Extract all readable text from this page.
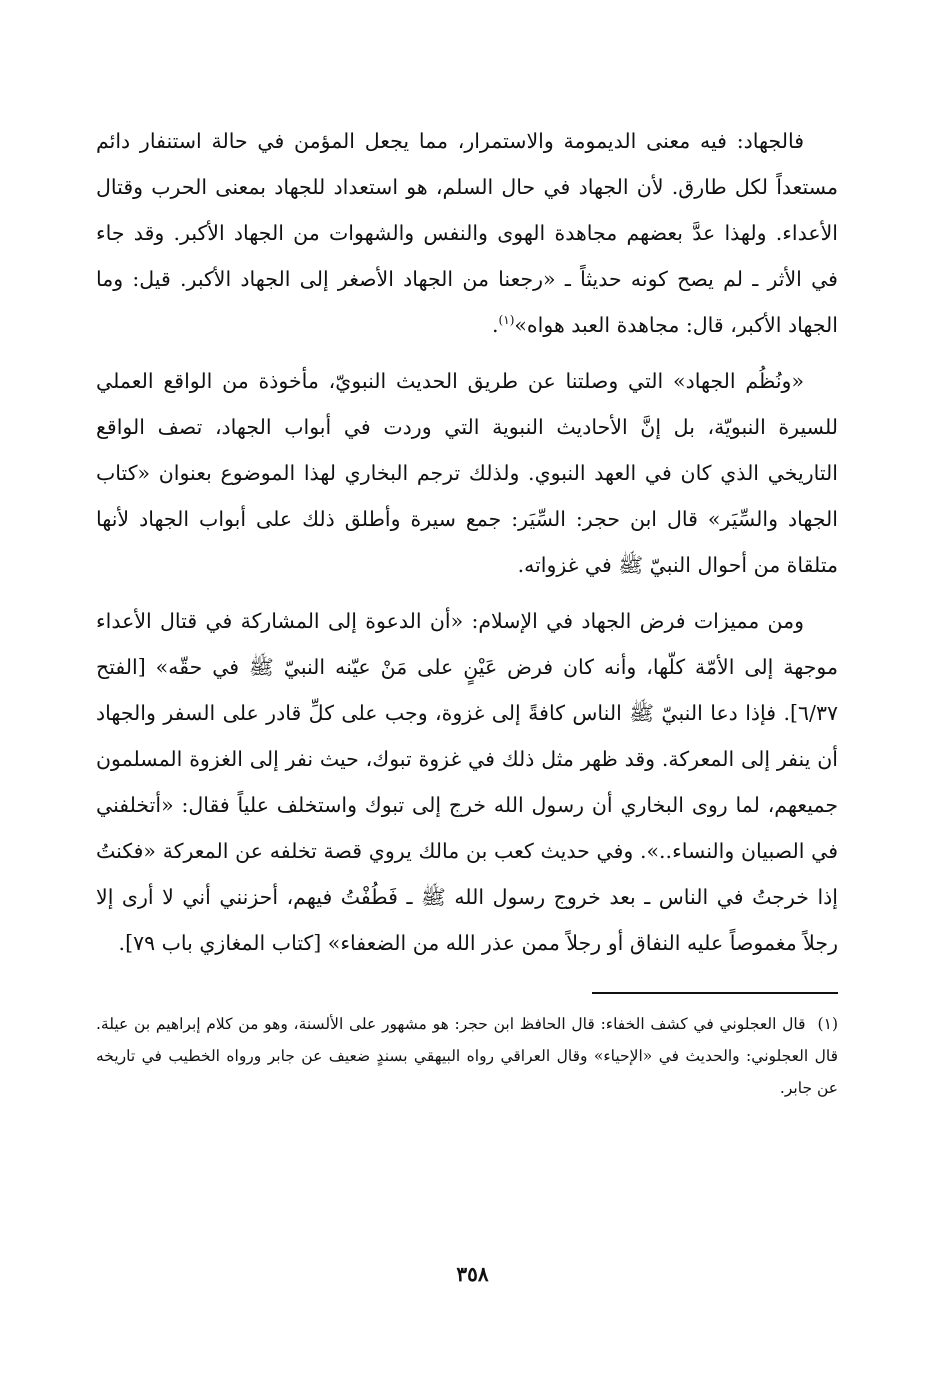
فالجهاد: فيه معنى الديمومة والاستمرار، مما يجعل المؤمن في حالة استنفار دائم مستعداً لكل طارق. لأن الجهاد في حال السلم، هو استعداد للجهاد بمعنى الحرب وقتال الأعداء. ولهذا عدَّ بعضهم مجاهدة الهوى والنفس والشهوات من الجهاد الأكبر. وقد جاء في الأثر ـ لم يصح كونه حديثاً ـ «رجعنا من الجهاد الأصغر إلى الجهاد الأكبر. قيل: وما الجهاد الأكبر، قال: مجاهدة العبد هواه»$^{(١)}$.

«ونُظُم الجهاد» التي وصلتنا عن طريق الحديث النبويّ، مأخوذة من الواقع العملي للسيرة النبويّة، بل إنَّ الأحاديث النبوية التي وردت في أبواب الجهاد، تصف الواقع التاريخي الذي كان في العهد النبوي. ولذلك ترجم البخاري لهذا الموضوع بعنوان «كتاب الجهاد والسِّيَر» قال ابن حجر: السِّيَر: جمع سيرة وأطلق ذلك على أبواب الجهاد لأنها متلقاة من أحوال النبيّ ﷺ في غزواته.

ومن مميزات فرض الجهاد في الإسلام: «أن الدعوة إلى المشاركة في قتال الأعداء موجهة إلى الأمّة كلّها، وأنه كان فرض عَيْنٍ على مَنْ عيّنه النبيّ ﷺ في حقّه» [الفتح ٦/٣٧]. فإذا دعا النبيّ ﷺ الناس كافةً إلى غزوة، وجب على كلِّ قادر على السفر والجهاد أن ينفر إلى المعركة. وقد ظهر مثل ذلك في غزوة تبوك، حيث نفر إلى الغزوة المسلمون جميعهم، لما روى البخاري أن رسول الله خرج إلى تبوك واستخلف علياً فقال: «أتخلفني في الصبيان والنساء..». وفي حديث كعب بن مالك يروي قصة تخلفه عن المعركة «فكنتُ إذا خرجتُ في الناس ـ بعد خروج رسول الله ﷺ ـ فَطُفْتُ فيهم، أحزنني أني لا أرى إلا رجلاً مغموصاً عليه النفاق أو رجلاً ممن عذر الله من الضعفاء» [كتاب المغازي باب ٧٩].

(١)قال العجلوني في كشف الخفاء: قال الحافظ ابن حجر: هو مشهور على الألسنة، وهو من كلام إبراهيم بن عيلة. قال العجلوني: والحديث في «الإحياء» وقال العراقي رواه البيهقي بسندٍ ضعيف عن جابر ورواه الخطيب في تاريخه عن جابر.

٣٥٨
